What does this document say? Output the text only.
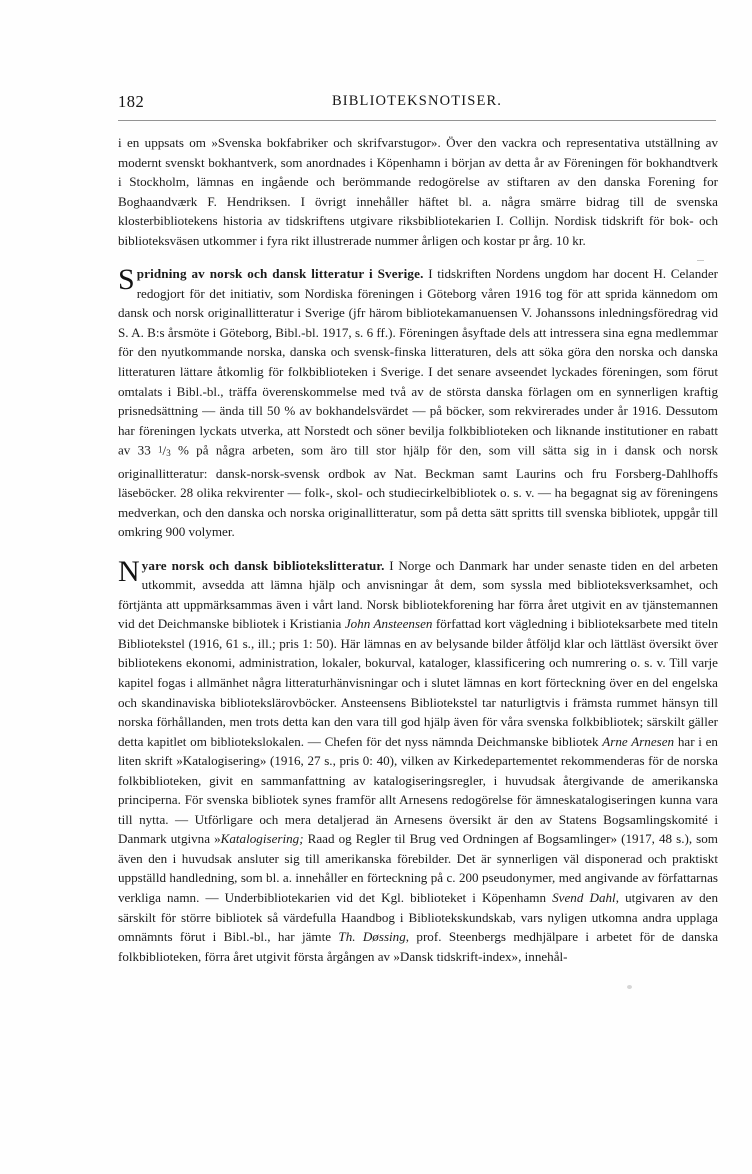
182	BIBLIOTEKSNOTISER.

i en uppsats om »Svenska bokfabriker och skrifvarstugor». Över den vackra och representativa utställning av modernt svenskt bokhantverk, som anordnades i Köpenhamn i början av detta år av Föreningen för bokhandtverk i Stockholm, lämnas en ingående och berömmande redogörelse av stiftaren av den danska Forening for Boghaandværk F. Hendriksen. I övrigt innehåller häftet bl. a. några smärre bidrag till de svenska klosterbibliotekens historia av tidskriftens utgivare riksbibliotekarien I. Collijn. Nordisk tidskrift för bok- och biblioteksväsen utkommer i fyra rikt illustrerade nummer årligen och kostar pr årg. 10 kr.

Spridning av norsk och dansk litteratur i Sverige. I tidskriften Nordens ungdom har docent H. Celander redogjort för det initiativ, som Nordiska föreningen i Göteborg våren 1916 tog för att sprida kännedom om dansk och norsk originallitteratur i Sverige (jfr härom bibliotekamanuensen V. Johanssons inledningsföredrag vid S. A. B:s årsmöte i Göteborg, Bibl.-bl. 1917, s. 6 ff.). Föreningen åsyftade dels att intressera sina egna medlemmar för den nyutkommande norska, danska och svensk-finska litteraturen, dels att söka göra den norska och danska litteraturen lättare åtkomlig för folkbiblioteken i Sverige. I det senare avseendet lyckades föreningen, som förut omtalats i Bibl.-bl., träffa överenskommelse med två av de största danska förlagen om en synnerligen kraftig prisnedsättning — ända till 50 % av bokhandelsvärdet — på böcker, som rekvirerades under år 1916. Dessutom har föreningen lyckats utverka, att Norstedt och söner bevilja folkbiblioteken och liknande institutioner en rabatt av 33 $^1$/3 % på några arbeten, som äro till stor hjälp för den, som vill sätta sig in i dansk och norsk originallitteratur: dansk-norsk-svensk ordbok av Nat. Beckman samt Laurins och fru Forsberg-Dahlhoffs läseböcker. 28 olika rekvirenter — folk-, skol- och studiecirkelbibliotek o. s. v. — ha begagnat sig av föreningens medverkan, och den danska och norska originallitteratur, som på detta sätt spritts till svenska bibliotek, uppgår till omkring 900 volymer.

Nyare norsk och dansk bibliotekslitteratur. I Norge och Danmark har under senaste tiden en del arbeten utkommit, avsedda att lämna hjälp och anvisningar åt dem, som syssla med biblioteksverksamhet, och förtjänta att uppmärksammas även i vårt land. Norsk bibliotekforening har förra året utgivit en av tjänstemannen vid det Deichmanske bibliotek i Kristiania John Ansteensen författad kort vägledning i biblioteksarbete med titeln Bibliotekstel (1916, 61 s., ill.; pris 1: 50). Här lämnas en av belysande bilder åtföljd klar och lättläst översikt över bibliotekens ekonomi, administration, lokaler, bokurval, kataloger, klassificering och numrering o. s. v. Till varje kapitel fogas i allmänhet några litteraturhänvisningar och i slutet lämnas en kort förteckning över en del engelska och skandinaviska bibliotekslärovböcker. Ansteensens Bibliotekstel tar naturligtvis i främsta rummet hänsyn till norska förhållanden, men trots detta kan den vara till god hjälp även för våra svenska folkbibliotek; särskilt gäller detta kapitlet om bibliotekslokalen. — Chefen för det nyss nämnda Deichmanske bibliotek Arne Arnesen har i en liten skrift »Katalogisering» (1916, 27 s., pris 0: 40), vilken av Kirkedepartementet rekommenderas för de norska folkbiblioteken, givit en sammanfattning av katalogiseringsregler, i huvudsak återgivande de amerikanska principerna. För svenska bibliotek synes framför allt Arnesens redogörelse för ämneskatalogiseringen kunna vara till nytta. — Utförligare och mera detaljerad än Arnesens översikt är den av Statens Bogsamlingskomité i Danmark utgivna »Katalogisering; Raad og Regler til Brug ved Ordningen af Bogsamlinger» (1917, 48 s.), som även den i huvudsak ansluter sig till amerikanska förebilder. Det är synnerligen väl disponerad och praktiskt uppställd handledning, som bl. a. innehåller en förteckning på c. 200 pseudonymer, med angivande av författarnas verkliga namn. — Underbibliotekarien vid det Kgl. biblioteket i Köpenhamn Svend Dahl, utgivaren av den särskilt för större bibliotek så värdefulla Haandbog i Bibliotekskundskab, vars nyligen utkomna andra upplaga omnämnts förut i Bibl.-bl., har jämte Th. Døssing, prof. Steenbergs medhjälpare i arbetet för de danska folkbiblioteken, förra året utgivit första årgången av »Dansk tidskrift-index», innehål-
